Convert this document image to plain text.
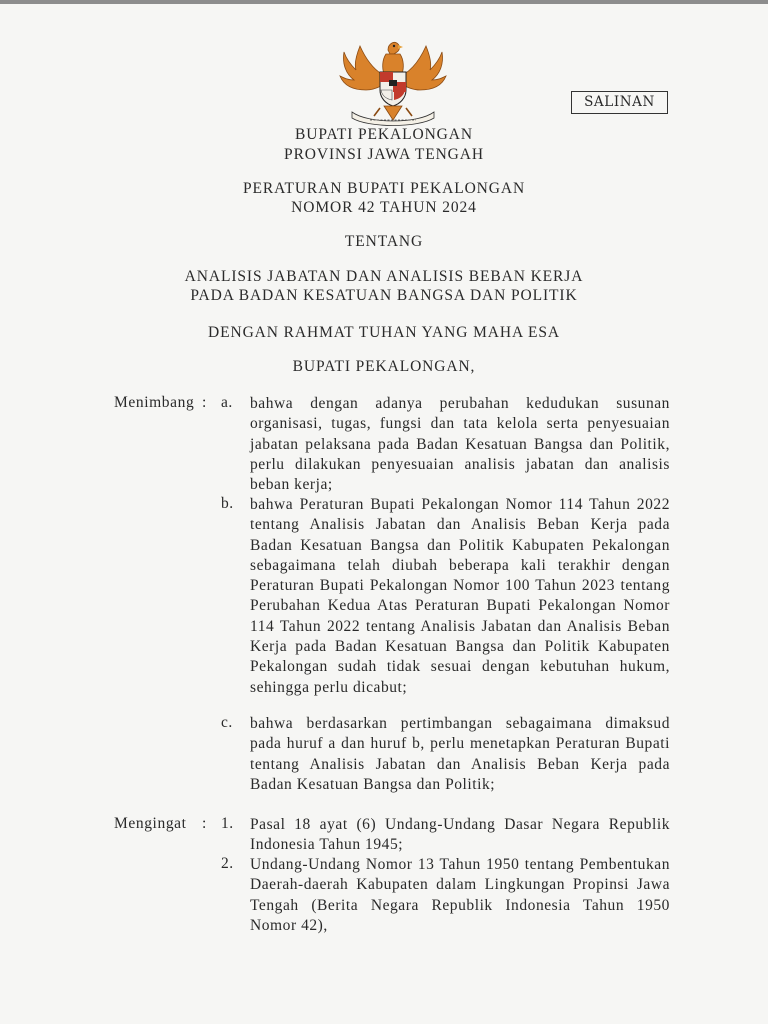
SALINAN
BUPATI PEKALONGAN
PROVINSI JAWA TENGAH
PERATURAN BUPATI PEKALONGAN
NOMOR 42 TAHUN 2024
TENTANG
ANALISIS JABATAN DAN ANALISIS BEBAN KERJA
PADA BADAN KESATUAN BANGSA DAN POLITIK
DENGAN RAHMAT TUHAN YANG MAHA ESA
BUPATI PEKALONGAN,
Menimbang : a. bahwa dengan adanya perubahan kedudukan susunan organisasi, tugas, fungsi dan tata kelola serta penyesuaian jabatan pelaksana pada Badan Kesatuan Bangsa dan Politik, perlu dilakukan penyesuaian analisis jabatan dan analisis beban kerja;
b. bahwa Peraturan Bupati Pekalongan Nomor 114 Tahun 2022 tentang Analisis Jabatan dan Analisis Beban Kerja pada Badan Kesatuan Bangsa dan Politik Kabupaten Pekalongan sebagaimana telah diubah beberapa kali terakhir dengan Peraturan Bupati Pekalongan Nomor 100 Tahun 2023 tentang Perubahan Kedua Atas Peraturan Bupati Pekalongan Nomor 114 Tahun 2022 tentang Analisis Jabatan dan Analisis Beban Kerja pada Badan Kesatuan Bangsa dan Politik Kabupaten Pekalongan sudah tidak sesuai dengan kebutuhan hukum, sehingga perlu dicabut;
c. bahwa berdasarkan pertimbangan sebagaimana dimaksud pada huruf a dan huruf b, perlu menetapkan Peraturan Bupati tentang Analisis Jabatan dan Analisis Beban Kerja pada Badan Kesatuan Bangsa dan Politik;
Mengingat : 1. Pasal 18 ayat (6) Undang-Undang Dasar Negara Republik Indonesia Tahun 1945;
2. Undang-Undang Nomor 13 Tahun 1950 tentang Pembentukan Daerah-daerah Kabupaten dalam Lingkungan Propinsi Jawa Tengah (Berita Negara Republik Indonesia Tahun 1950 Nomor 42),
